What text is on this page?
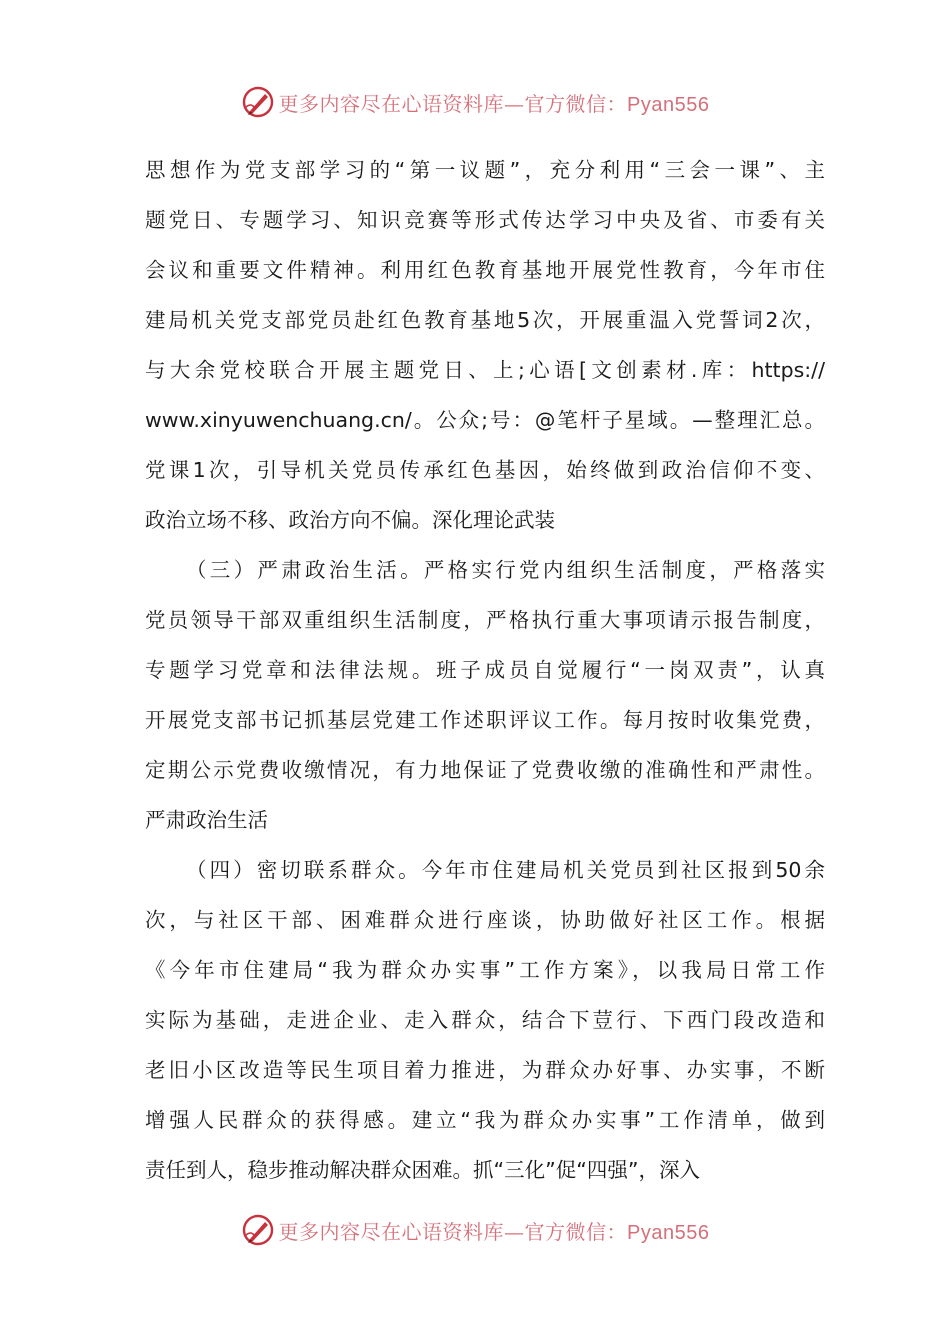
更多内容尽在心语资料库—官方微信：Pyan556
思想作为党支部学习的“第一议题”，充分利用“三会一课”、主
题党日、专题学习、知识竞赛等形式传达学习中央及省、市委有关
会议和重要文件精神。利用红色教育基地开展党性教育，今年市住
建局机关党支部党员赴红色教育基地5次，开展重温入党誓词2次，
与大余党校联合开展主题党日、上;心语[文创素材.库：https://
www.xinyuwenchuang.cn/。公众;号：@笔杆子星域。—整理汇总。
党课1次，引导机关党员传承红色基因，始终做到政治信仰不变、
政治立场不移、政治方向不偏。深化理论武装
（三）严肃政治生活。严格实行党内组织生活制度，严格落实
党员领导干部双重组织生活制度，严格执行重大事项请示报告制度，
专题学习党章和法律法规。班子成员自觉履行“一岗双责”，认真
开展党支部书记抓基层党建工作述职评议工作。每月按时收集党费，
定期公示党费收缴情况，有力地保证了党费收缴的准确性和严肃性。
严肃政治生活
（四）密切联系群众。今年市住建局机关党员到社区报到50余
次，与社区干部、困难群众进行座谈，协助做好社区工作。根据
《今年市住建局“我为群众办实事”工作方案》，以我局日常工作
实际为基础，走进企业、走入群众，结合下荳行、下西门段改造和
老旧小区改造等民生项目着力推进，为群众办好事、办实事，不断
增强人民群众的获得感。建立“我为群众办实事”工作清单，做到
责任到人，稳步推动解决群众困难。抓“三化”促“四强”，深入
更多内容尽在心语资料库—官方微信：Pyan556
